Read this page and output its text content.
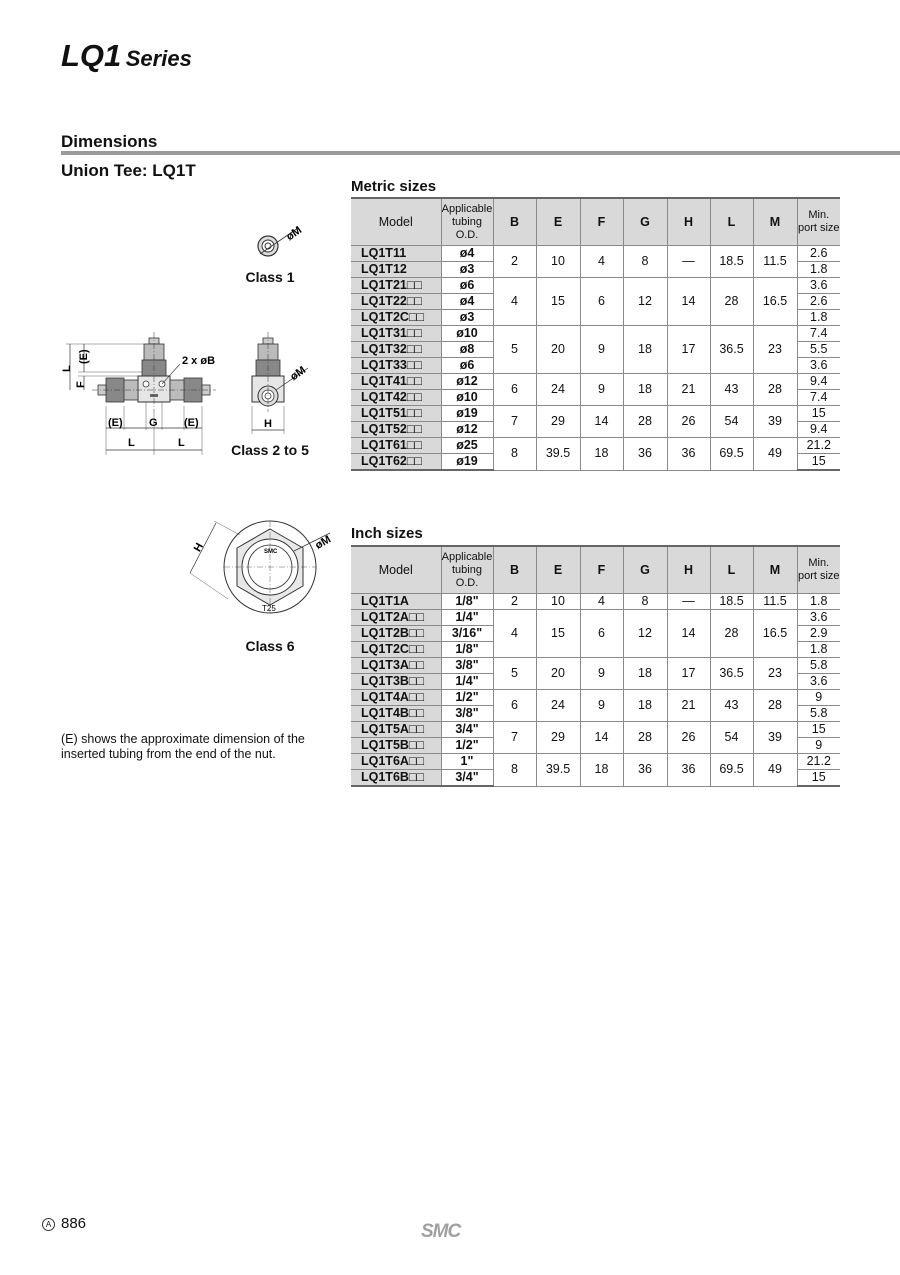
LQ1 Series
Dimensions
Union Tee: LQ1T
øM
Class 1
L
(E)
F
2 x øB
(E) G (E)
L	L
øM
H
Class 2 to 5
H	øM
T25
SMC
Class 6
(E) shows the approximate dimension of the inserted tubing from the end of the nut.
Metric sizes
Model	Applicable tubing O.D.	B	E	F	G	H	L	M	Min. port size
LQ1T11	ø4	2	10	4	8	—	18.5	11.5	2.6
LQ1T12	ø3								1.8
LQ1T21□□	ø6	4	15	6	12	14	28	16.5	3.6
LQ1T22□□	ø4								2.6
LQ1T2C□□	ø3								1.8
LQ1T31□□	ø10	5	20	9	18	17	36.5	23	7.4
LQ1T32□□	ø8								5.5
LQ1T33□□	ø6								3.6
LQ1T41□□	ø12	6	24	9	18	21	43	28	9.4
LQ1T42□□	ø10								7.4
LQ1T51□□	ø19	7	29	14	28	26	54	39	15
LQ1T52□□	ø12								9.4
LQ1T61□□	ø25	8	39.5	18	36	36	69.5	49	21.2
LQ1T62□□	ø19								15
Inch sizes
Model	Applicable tubing O.D.	B	E	F	G	H	L	M	Min. port size
LQ1T1A	1/8"	2	10	4	8	—	18.5	11.5	1.8
LQ1T2A□□	1/4"	4	15	6	12	14	28	16.5	3.6
LQ1T2B□□	3/16"								2.9
LQ1T2C□□	1/8"								1.8
LQ1T3A□□	3/8"	5	20	9	18	17	36.5	23	5.8
LQ1T3B□□	1/4"								3.6
LQ1T4A□□	1/2"	6	24	9	18	21	43	28	9
LQ1T4B□□	3/8"								5.8
LQ1T5A□□	3/4"	7	29	14	28	26	54	39	15
LQ1T5B□□	1/2"								9
LQ1T6A□□	1"	8	39.5	18	36	36	69.5	49	21.2
LQ1T6B□□	3/4"								15
A 886	SMC
